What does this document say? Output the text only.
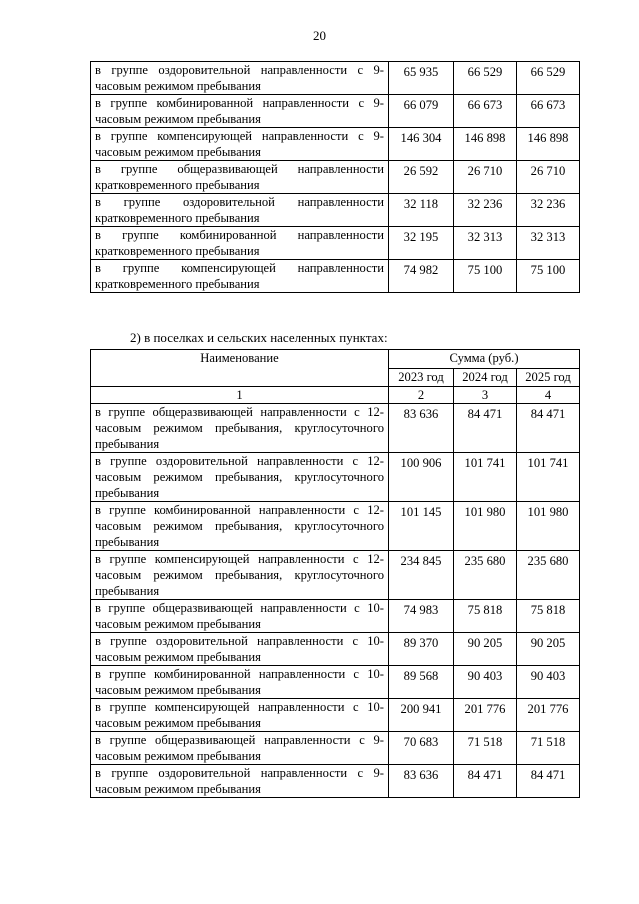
20
в группе оздоровительной направленности с 9-часовым режимом пребывания	65 935	66 529	66 529
в группе комбинированной направленности с 9-часовым режимом пребывания	66 079	66 673	66 673
в группе компенсирующей направленности с 9-часовым режимом пребывания	146 304	146 898	146 898
в группе общеразвивающей направленности кратковременного пребывания	26 592	26 710	26 710
в группе оздоровительной направленности кратковременного пребывания	32 118	32 236	32 236
в группе комбинированной направленности кратковременного пребывания	32 195	32 313	32 313
в группе компенсирующей направленности кратковременного пребывания	74 982	75 100	75 100
2) в поселках и сельских населенных пунктах:
Наименование	Сумма (руб.)		
	2023 год	2024 год	2025 год
1	2	3	4
в группе общеразвивающей направленности с 12-часовым режимом пребывания, круглосуточного пребывания	83 636	84 471	84 471
в группе оздоровительной направленности с 12-часовым режимом пребывания, круглосуточного пребывания	100 906	101 741	101 741
в группе комбинированной направленности с 12-часовым режимом пребывания, круглосуточного пребывания	101 145	101 980	101 980
в группе компенсирующей направленности с 12-часовым режимом пребывания, круглосуточного пребывания	234 845	235 680	235 680
в группе общеразвивающей направленности с 10-часовым режимом пребывания	74 983	75 818	75 818
в группе оздоровительной направленности с 10-часовым режимом пребывания	89 370	90 205	90 205
в группе комбинированной направленности с 10-часовым режимом пребывания	89 568	90 403	90 403
в группе компенсирующей направленности с 10-часовым режимом пребывания	200 941	201 776	201 776
в группе общеразвивающей направленности с 9-часовым режимом пребывания	70 683	71 518	71 518
в группе оздоровительной направленности с 9-часовым режимом пребывания	83 636	84 471	84 471
